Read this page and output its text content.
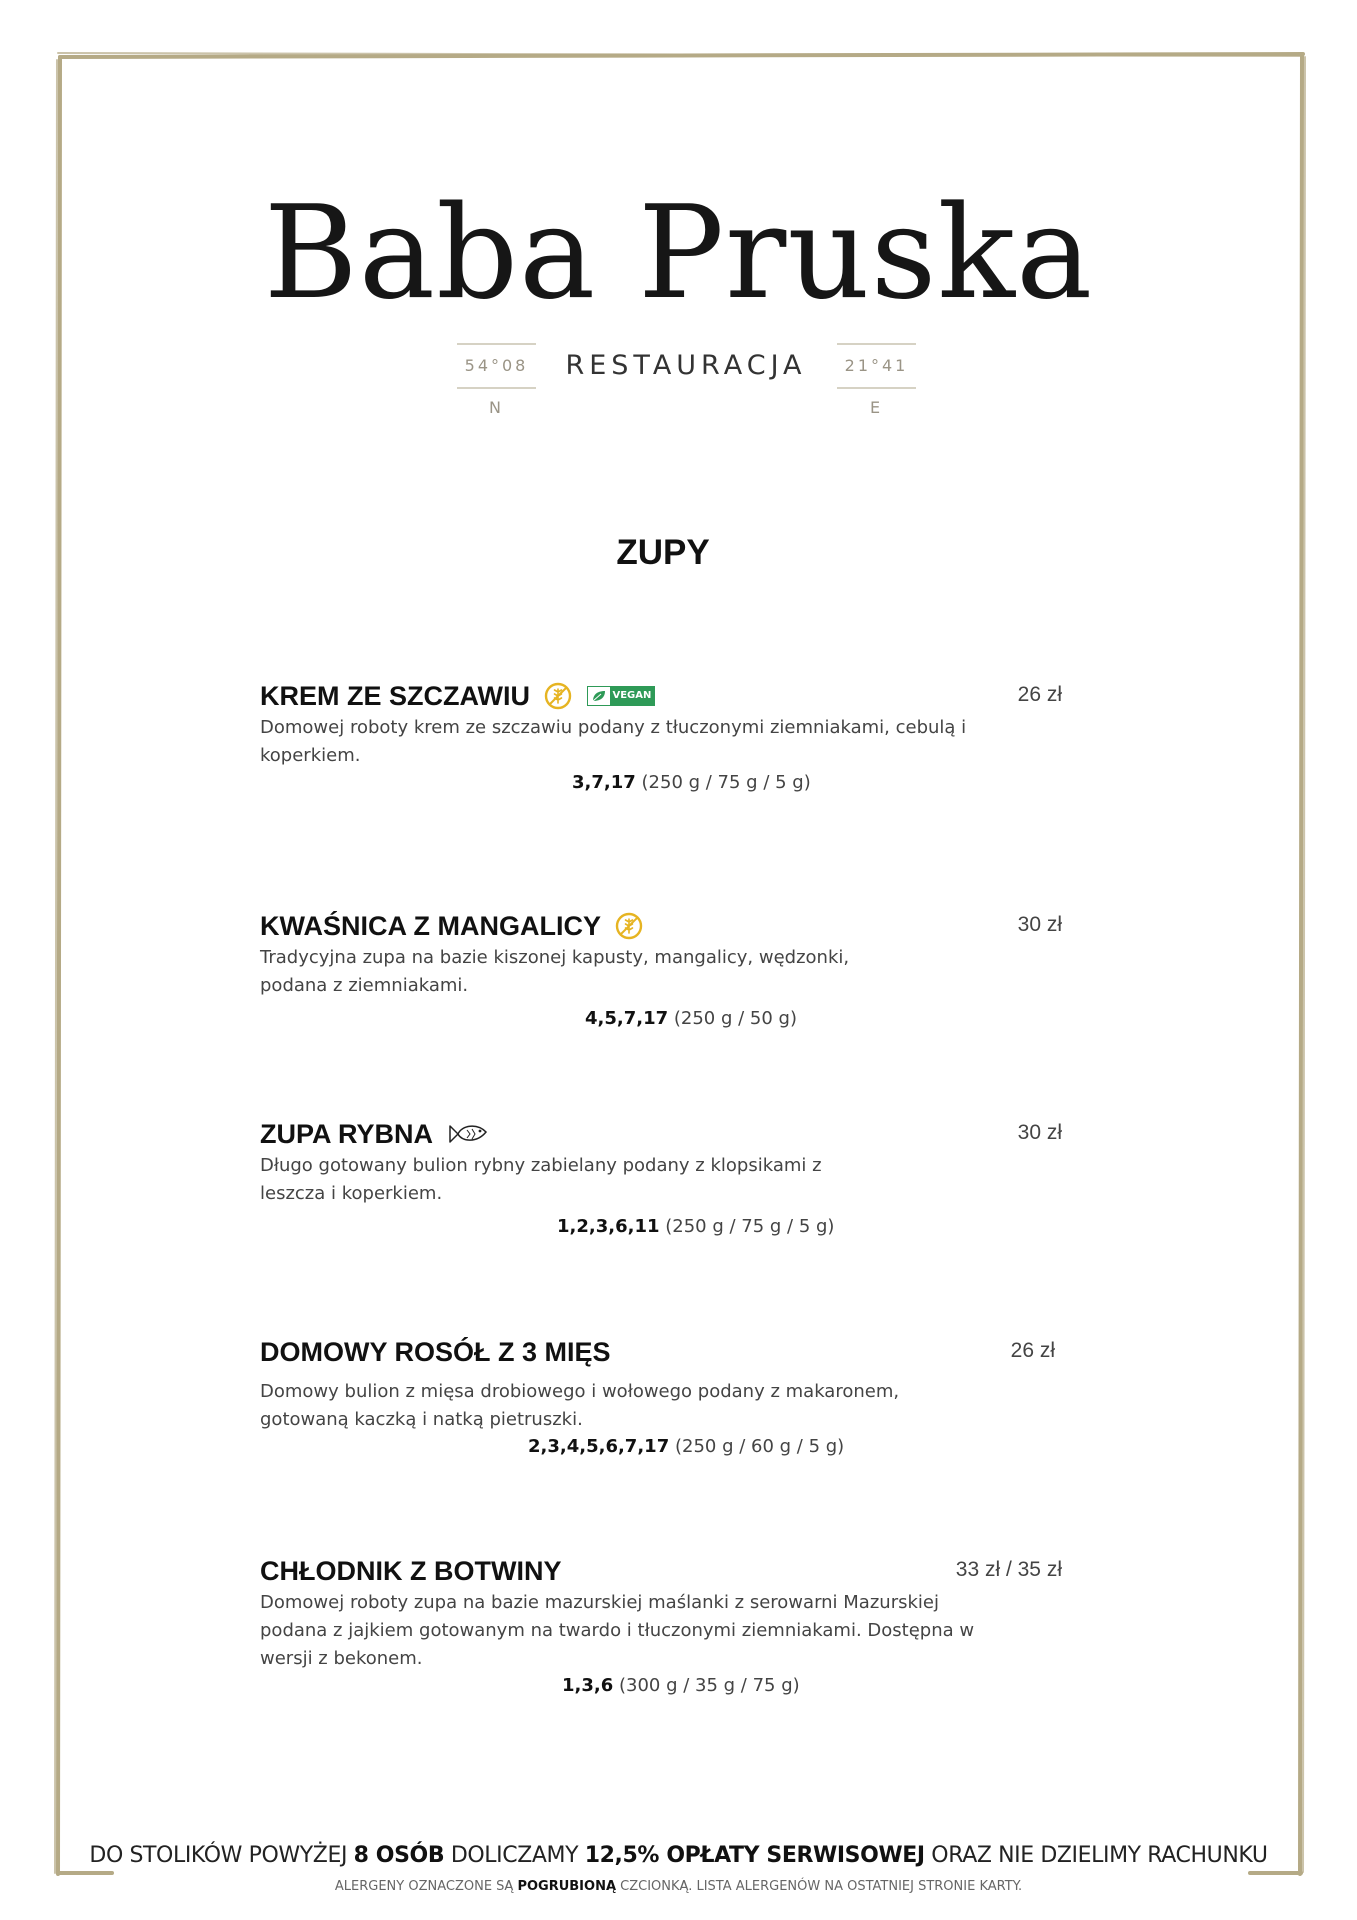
Baba Pruska
54°08 N
RESTAURACJA	21°41 E
ZUPY
KREM ZE SZCZAWIU	VEGAN	26 zł
Domowej roboty krem ze szczawiu podany z tłuczonymi ziemniakami, cebulą i koperkiem.
3,7,17 (250 g / 75 g / 5 g)
KWAŚNICA Z MANGALICY	30 zł
Tradycyjna zupa na bazie kiszonej kapusty, mangalicy, wędzonki, podana z ziemniakami.
4,5,7,17 (250 g / 50 g)
ZUPA RYBNA	30 zł
Długo gotowany bulion rybny zabielany podany z klopsikami z leszcza i koperkiem.
1,2,3,6,11 (250 g / 75 g / 5 g)
DOMOWY ROSÓŁ Z 3 MIĘS	26 zł
Domowy bulion z mięsa drobiowego i wołowego podany z makaronem, gotowaną kaczką i natką pietruszki.
2,3,4,5,6,7,17 (250 g / 60 g / 5 g)
CHŁODNIK Z BOTWINY	33 zł / 35 zł
Domowej roboty zupa na bazie mazurskiej maślanki z serowarni Mazurskiej podana z jajkiem gotowanym na twardo i tłuczonymi ziemniakami. Dostępna w wersji z bekonem.
1,3,6 (300 g / 35 g / 75 g)
DO STOLIKÓW POWYŻEJ 8 OSÓB DOLICZAMY 12,5% OPŁATY SERWISOWEJ ORAZ NIE DZIELIMY RACHUNKU
ALERGENY OZNACZONE SĄ POGRUBIONĄ CZCIONKĄ. LISTA ALERGENÓW NA OSTATNIEJ STRONIE KARTY.
